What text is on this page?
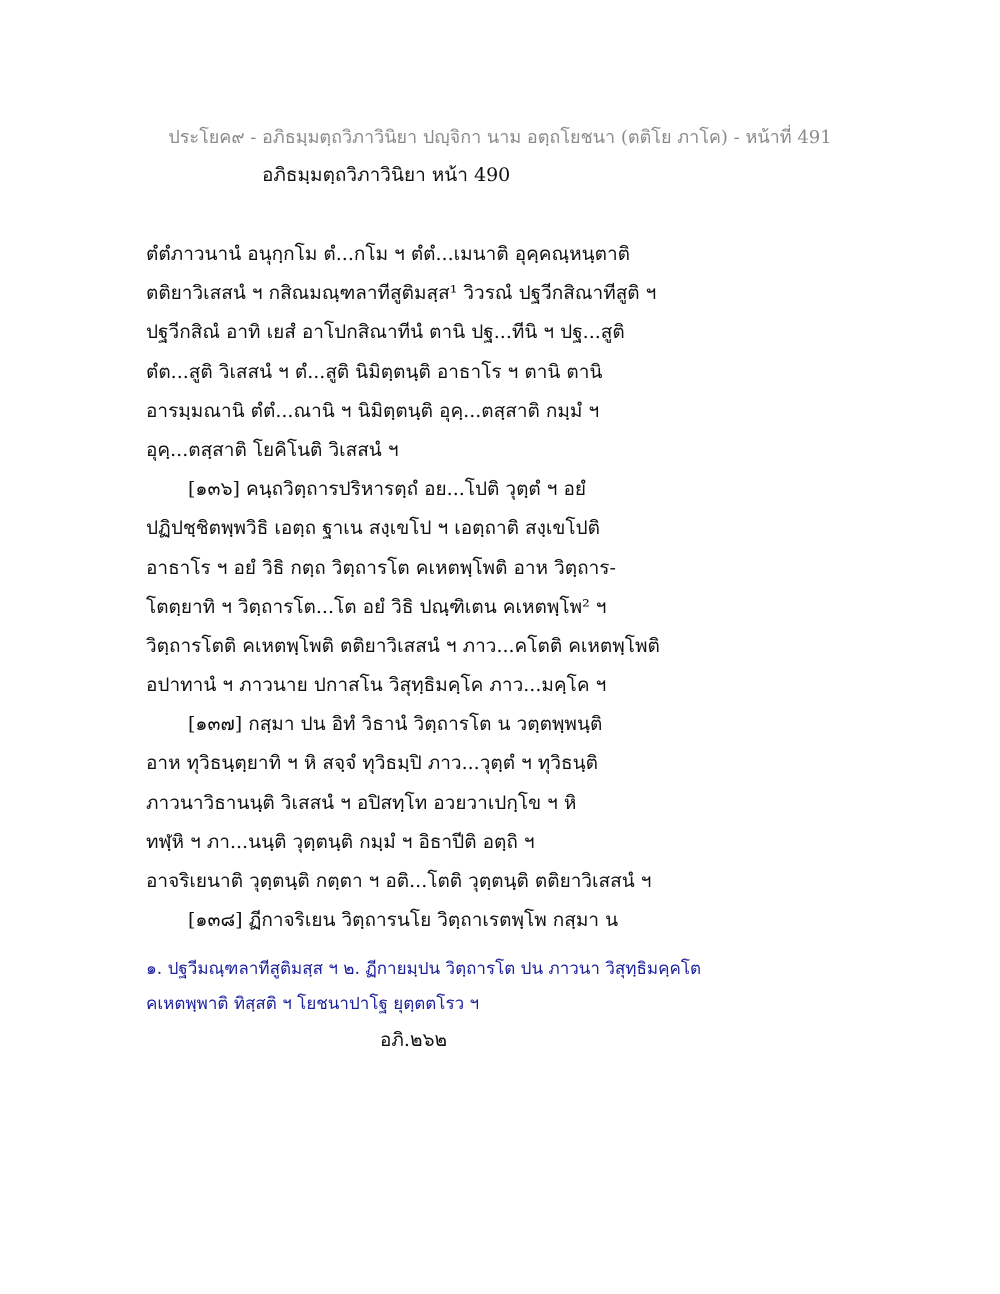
ประโยค๙ - อภิธมฺมตฺถวิภาวินิยา ปญฺจิกา นาม อตฺถโยชนา (ตติโย ภาโค) - หน้าที่ 491
อภิธมฺมตฺถวิภาวินิยา หน้า 490
ตํตํภาวนานํ อนุกฺกโม ตํ...กโม ฯ ตํตํ...เมนาติ อุคฺคณฺหนฺตาติ
ตติยาวิเสสนํ ฯ กสิณมณฺฑลาทีสูติมสฺส¹ วิวรณํ ปฐวีกสิณาทีสูติ ฯ
ปฐวีกสิณํ อาทิ เยสํ อาโปกสิณาทีนํ ตานิ ปฐ...ทีนิ ฯ ปฐ...สูติ
ตํต...สูติ วิเสสนํ ฯ ตํ...สูติ นิมิตฺตนฺติ อาธาโร ฯ ตานิ ตานิ
อารมฺมณานิ ตํตํ...ณานิ ฯ นิมิตฺตนฺติ อุคฺ...ตสฺสาติ กมฺมํ ฯ
อุคฺ...ตสฺสาติ โยคิโนติ วิเสสนํ ฯ
[๑๓๖] คนฺถวิตฺถารปริหารตฺถํ อย...โปติ วุตฺตํ ฯ อยํ
ปฏิปชฺชิตพฺพวิธิ เอตฺถ ฐาเน สงฺเขโป ฯ เอตฺถาติ สงฺเขโปติ
อาธาโร ฯ อยํ วิธิ กตฺถ วิตฺถารโต คเหตพฺโพติ อาห วิตฺถาร-
โตตฺยาทิ ฯ วิตฺถารโต...โต อยํ วิธิ ปณฺฑิเตน คเหตพฺโพ² ฯ
วิตฺถารโตติ คเหตพฺโพติ ตติยาวิเสสนํ ฯ ภาว...คโตติ คเหตพฺโพติ
อปาทานํ ฯ ภาวนาย ปกาสโน วิสุทฺธิมคฺโค ภาว...มคฺโค ฯ
[๑๓๗] กสฺมา ปน อิทํ วิธานํ วิตฺถารโต น วตฺตพฺพนฺติ
อาห ทุวิธนฺตฺยาทิ ฯ หิ สจฺจํ ทุวิธมฺปิ ภาว...วุตฺตํ ฯ ทุวิธนฺติ
ภาวนาวิธานนฺติ วิเสสนํ ฯ อปิสทฺโท อวยวาเปกฺโข ฯ หิ
ทฬฺหิ ฯ ภา...นนฺติ วุตฺตนฺติ กมฺมํ ฯ อิธาปีติ อตฺถิ ฯ
อาจริเยนาติ วุตฺตนฺติ กตฺตา ฯ อติ...โตติ วุตฺตนฺติ ตติยาวิเสสนํ ฯ
[๑๓๘] ฏีกาจริเยน วิตฺถารนโย วิตฺถาเรตพฺโพ กสฺมา น
๑. ปฐวีมณฺฑลาทีสูติมสฺส ฯ ๒. ฏีกายมฺปน วิตฺถารโต ปน ภาวนา วิสุทฺธิมคฺคโต
คเหตพฺพาติ ทิสฺสติ ฯ โยชนาปาโฐ ยุตฺตตโรว ฯ
อภิ.๒๖๒
